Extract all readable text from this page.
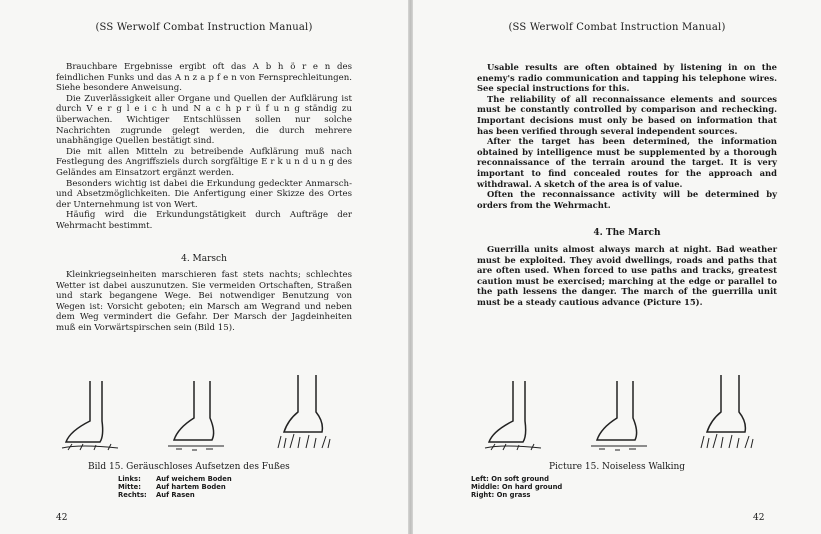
(SS Werwolf Combat Instruction Manual)

Brauchbare Ergebnisse ergibt oft das A b h ö r e n des feindlichen Funks und das A n z a p f e n von Fernsprechleitungen. Siehe besondere Anweisung.

Die Zuverlässigkeit aller Organe und Quellen der Aufklärung ist durch V e r g l e i c h und N a c h p r ü f u n g ständig zu überwachen. Wichtiger Entschlüssen sollen nur solche Nachrichten zugrunde gelegt werden, die durch mehrere unabhängige Quellen bestätigt sind.

Die mit allen Mitteln zu betreibende Aufklärung muß nach Festlegung des Angriffsziels durch sorgfältige E r k u n d u n g des Geländes am Einsatzort ergänzt werden.

Besonders wichtig ist dabei die Erkundung gedeckter Anmarsch- und Absetzmöglichkeiten. Die Anfertigung einer Skizze des Ortes der Unternehmung ist von Wert.

Häufig wird die Erkundungstätigkeit durch Aufträge der Wehrmacht bestimmt.

4. Marsch

Kleinkriegseinheiten marschieren fast stets nachts; schlechtes Wetter ist dabei auszunutzen. Sie vermeiden Ortschaften, Straßen und stark begangene Wege. Bei notwendiger Benutzung von Wegen ist: Vorsicht geboten; ein Marsch am Wegrand und neben dem Weg vermindert die Gefahr. Der Marsch der Jagdeinheiten muß ein Vorwärtspirschen sein (Bild 15).

Bild 15. Geräuschloses Aufsetzen des Fußes
Links:	Auf weichem Boden
Mitte:	Auf hartem Boden
Rechts:	Auf Rasen
42
(SS Werwolf Combat Instruction Manual)

Usable results are often obtained by listening in on the enemy's radio communication and tapping his telephone wires. See special instructions for this.

The reliability of all reconnaissance elements and sources must be constantly controlled by comparison and rechecking. Important decisions must only be based on information that has been verified through several independent sources.

After the target has been determined, the information obtained by intelligence must be supplemented by a thorough reconnaissance of the terrain around the target. It is very important to find concealed routes for the approach and withdrawal. A sketch of the area is of value.

Often the reconnaissance activity will be determined by orders from the Wehrmacht.

4. The March

Guerrilla units almost always march at night. Bad weather must be exploited. They avoid dwellings, roads and paths that are often used. When forced to use paths and tracks, greatest caution must be exercised; marching at the edge or parallel to the path lessens the danger. The march of the guerrilla unit must be a steady cautious advance (Picture 15).

Picture 15. Noiseless Walking
Left: On soft ground
Middle: On hard ground
Right: On grass
42
